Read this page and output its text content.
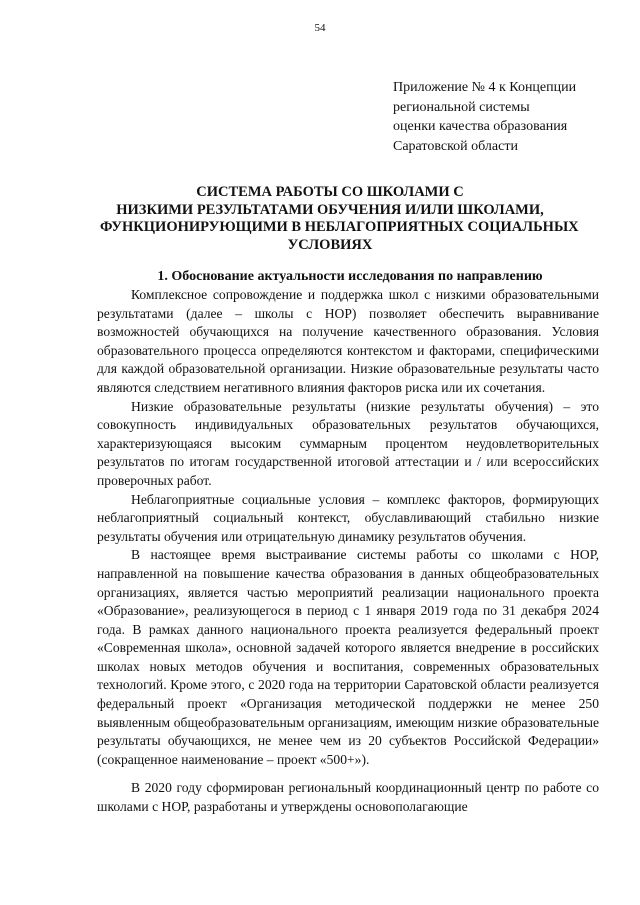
54
Приложение № 4 к Концепции
региональной системы
оценки качества образования
Саратовской области
СИСТЕМА РАБОТЫ СО ШКОЛАМИ С
НИЗКИМИ РЕЗУЛЬТАТАМИ ОБУЧЕНИЯ И/ИЛИ ШКОЛАМИ,
ФУНКЦИОНИРУЮЩИМИ В НЕБЛАГОПРИЯТНЫХ СОЦИАЛЬНЫХ
УСЛОВИЯХ
1. Обоснование актуальности исследования по направлению

Комплексное сопровождение и поддержка школ с низкими образовательными результатами (далее – школы с НОР) позволяет обеспечить выравнивание возможностей обучающихся на получение качественного образования. Условия образовательного процесса определяются контекстом и факторами, специфическими для каждой образовательной организации. Низкие образовательные результаты часто являются следствием негативного влияния факторов риска или их сочетания.

Низкие образовательные результаты (низкие результаты обучения) – это совокупность индивидуальных образовательных результатов обучающихся, характеризующаяся высоким суммарным процентом неудовлетворительных результатов по итогам государственной итоговой аттестации и / или всероссийских проверочных работ.

Неблагоприятные социальные условия – комплекс факторов, формирующих неблагоприятный социальный контекст, обуславливающий стабильно низкие результаты обучения или отрицательную динамику результатов обучения.

В настоящее время выстраивание системы работы со школами с НОР, направленной на повышение качества образования в данных общеобразовательных организациях, является частью мероприятий реализации национального проекта «Образование», реализующегося в период с 1 января 2019 года по 31 декабря 2024 года. В рамках данного национального проекта реализуется федеральный проект «Современная школа», основной задачей которого является внедрение в российских школах новых методов обучения и воспитания, современных образовательных технологий. Кроме этого, с 2020 года на территории Саратовской области реализуется федеральный проект «Организация методической поддержки не менее 250 выявленным общеобразовательным организациям, имеющим низкие образовательные результаты обучающихся, не менее чем из 20 субъектов Российской Федерации» (сокращенное наименование – проект «500+»).

В 2020 году сформирован региональный координационный центр по работе со школами с НОР, разработаны и утверждены основополагающие
